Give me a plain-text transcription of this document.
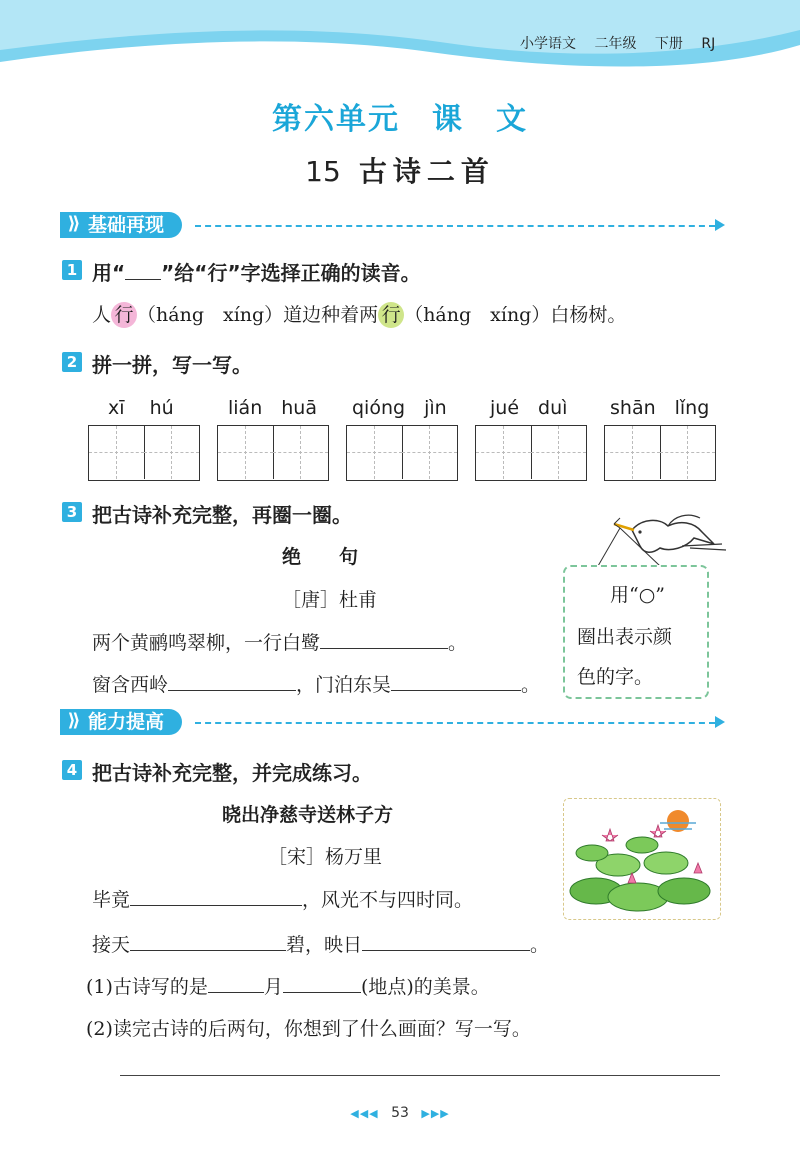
小学语文 二年级 下册 RJ
第六单元　课　文
15 古诗二首
基础再现
⟫
1 用“ ”给“行”字选择正确的读音。
人 行 （háng　xíng）道边种着两 行 （háng　xíng）白杨树。
2 拼一拼，写一写。
xī　 hú	lián　huā qióng　jìn jué　duì shān　lǐng
3 把古诗补充完整，再圈一圈。
绝　　句
［唐］杜甫
两个黄鹂鸣翠柳，一行白鹭	。
窗含西岭	，门泊东吴	。
用“○”
圈出表示颜
色的字。
能力提高
⟫
4 把古诗补充完整，并完成练习。
晓出净慈寺送林子方
［宋］杨万里
毕竟	，风光不与四时同。
接天	碧，映日	。
(1)古诗写的是	月	(地点)的美景。
(2)读完古诗的后两句，你想到了什么画面？写一写。
◀◀◀ 53 ▶▶▶
